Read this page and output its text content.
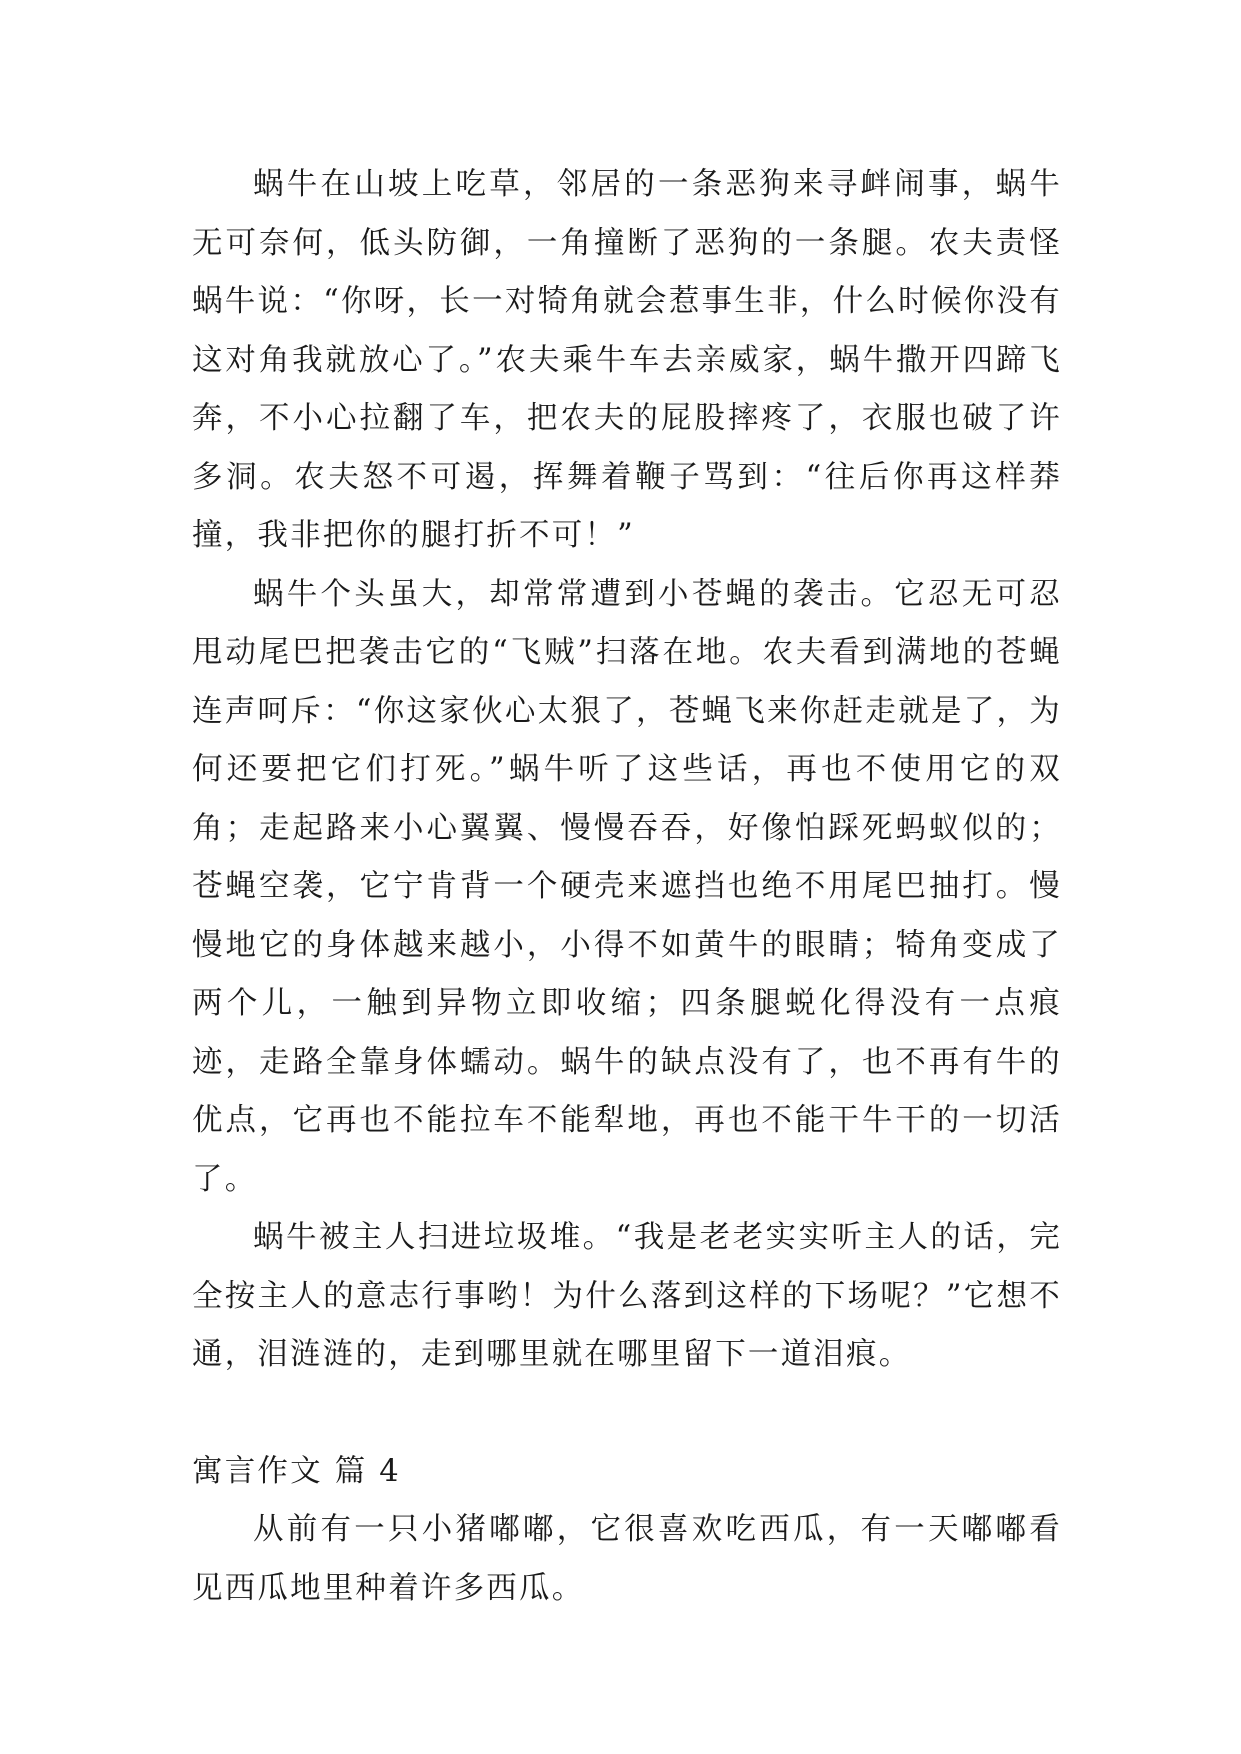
蜗牛在山坡上吃草，邻居的一条恶狗来寻衅闹事，蜗牛无可奈何，低头防御，一角撞断了恶狗的一条腿。农夫责怪蜗牛说：“你呀，长一对犄角就会惹事生非，什么时候你没有这对角我就放心了。”农夫乘牛车去亲威家，蜗牛撒开四蹄飞奔，不小心拉翻了车，把农夫的屁股摔疼了，衣服也破了许多洞。农夫怒不可遏，挥舞着鞭子骂到：“往后你再这样莽撞，我非把你的腿打折不可！”

蜗牛个头虽大，却常常遭到小苍蝇的袭击。它忍无可忍甩动尾巴把袭击它的“飞贼”扫落在地。农夫看到满地的苍蝇连声呵斥：“你这家伙心太狠了，苍蝇飞来你赶走就是了，为何还要把它们打死。”蜗牛听了这些话，再也不使用它的双角；走起路来小心翼翼、慢慢吞吞，好像怕踩死蚂蚁似的；苍蝇空袭，它宁肯背一个硬壳来遮挡也绝不用尾巴抽打。慢慢地它的身体越来越小，小得不如黄牛的眼睛；犄角变成了两个儿，一触到异物立即收缩；四条腿蜕化得没有一点痕迹，走路全靠身体蠕动。蜗牛的缺点没有了，也不再有牛的优点，它再也不能拉车不能犁地，再也不能干牛干的一切活了。

蜗牛被主人扫进垃圾堆。“我是老老实实听主人的话，完全按主人的意志行事哟！为什么落到这样的下场呢？”它想不通，泪涟涟的，走到哪里就在哪里留下一道泪痕。

寓言作文 篇 4

从前有一只小猪嘟嘟，它很喜欢吃西瓜，有一天嘟嘟看见西瓜地里种着许多西瓜。
